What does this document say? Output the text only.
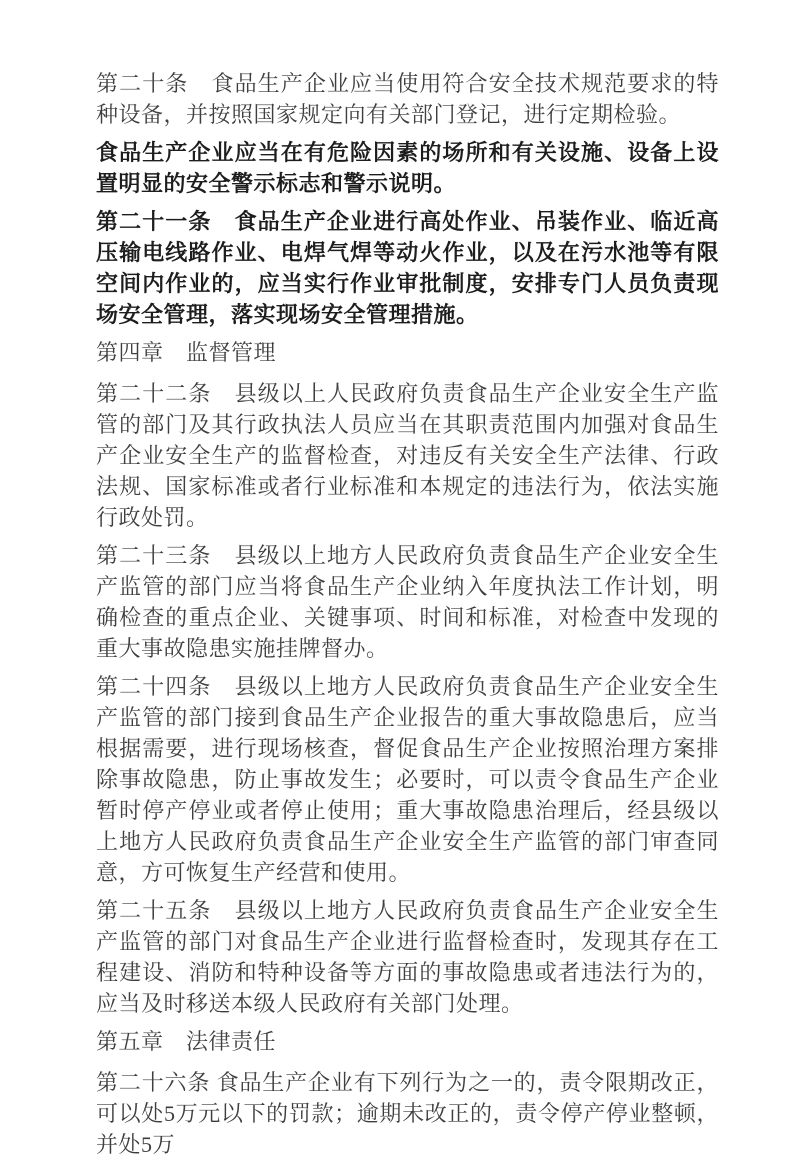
第二十条　食品生产企业应当使用符合安全技术规范要求的特种设备，并按照国家规定向有关部门登记，进行定期检验。

食品生产企业应当在有危险因素的场所和有关设施、设备上设置明显的安全警示标志和警示说明。

第二十一条　食品生产企业进行高处作业、吊装作业、临近高压输电线路作业、电焊气焊等动火作业，以及在污水池等有限空间内作业的，应当实行作业审批制度，安排专门人员负责现场安全管理，落实现场安全管理措施。

第四章　监督管理

第二十二条　县级以上人民政府负责食品生产企业安全生产监管的部门及其行政执法人员应当在其职责范围内加强对食品生产企业安全生产的监督检查，对违反有关安全生产法律、行政法规、国家标准或者行业标准和本规定的违法行为，依法实施行政处罚。

第二十三条　县级以上地方人民政府负责食品生产企业安全生产监管的部门应当将食品生产企业纳入年度执法工作计划，明确检查的重点企业、关键事项、时间和标准，对检查中发现的重大事故隐患实施挂牌督办。

第二十四条　县级以上地方人民政府负责食品生产企业安全生产监管的部门接到食品生产企业报告的重大事故隐患后，应当根据需要，进行现场核查，督促食品生产企业按照治理方案排除事故隐患，防止事故发生；必要时，可以责令食品生产企业暂时停产停业或者停止使用；重大事故隐患治理后，经县级以上地方人民政府负责食品生产企业安全生产监管的部门审查同意，方可恢复生产经营和使用。

第二十五条　县级以上地方人民政府负责食品生产企业安全生产监管的部门对食品生产企业进行监督检查时，发现其存在工程建设、消防和特种设备等方面的事故隐患或者违法行为的，应当及时移送本级人民政府有关部门处理。

第五章　法律责任

第二十六条 食品生产企业有下列行为之一的，责令限期改正，可以处5万元以下的罚款；逾期未改正的，责令停产停业整顿，并处5万
